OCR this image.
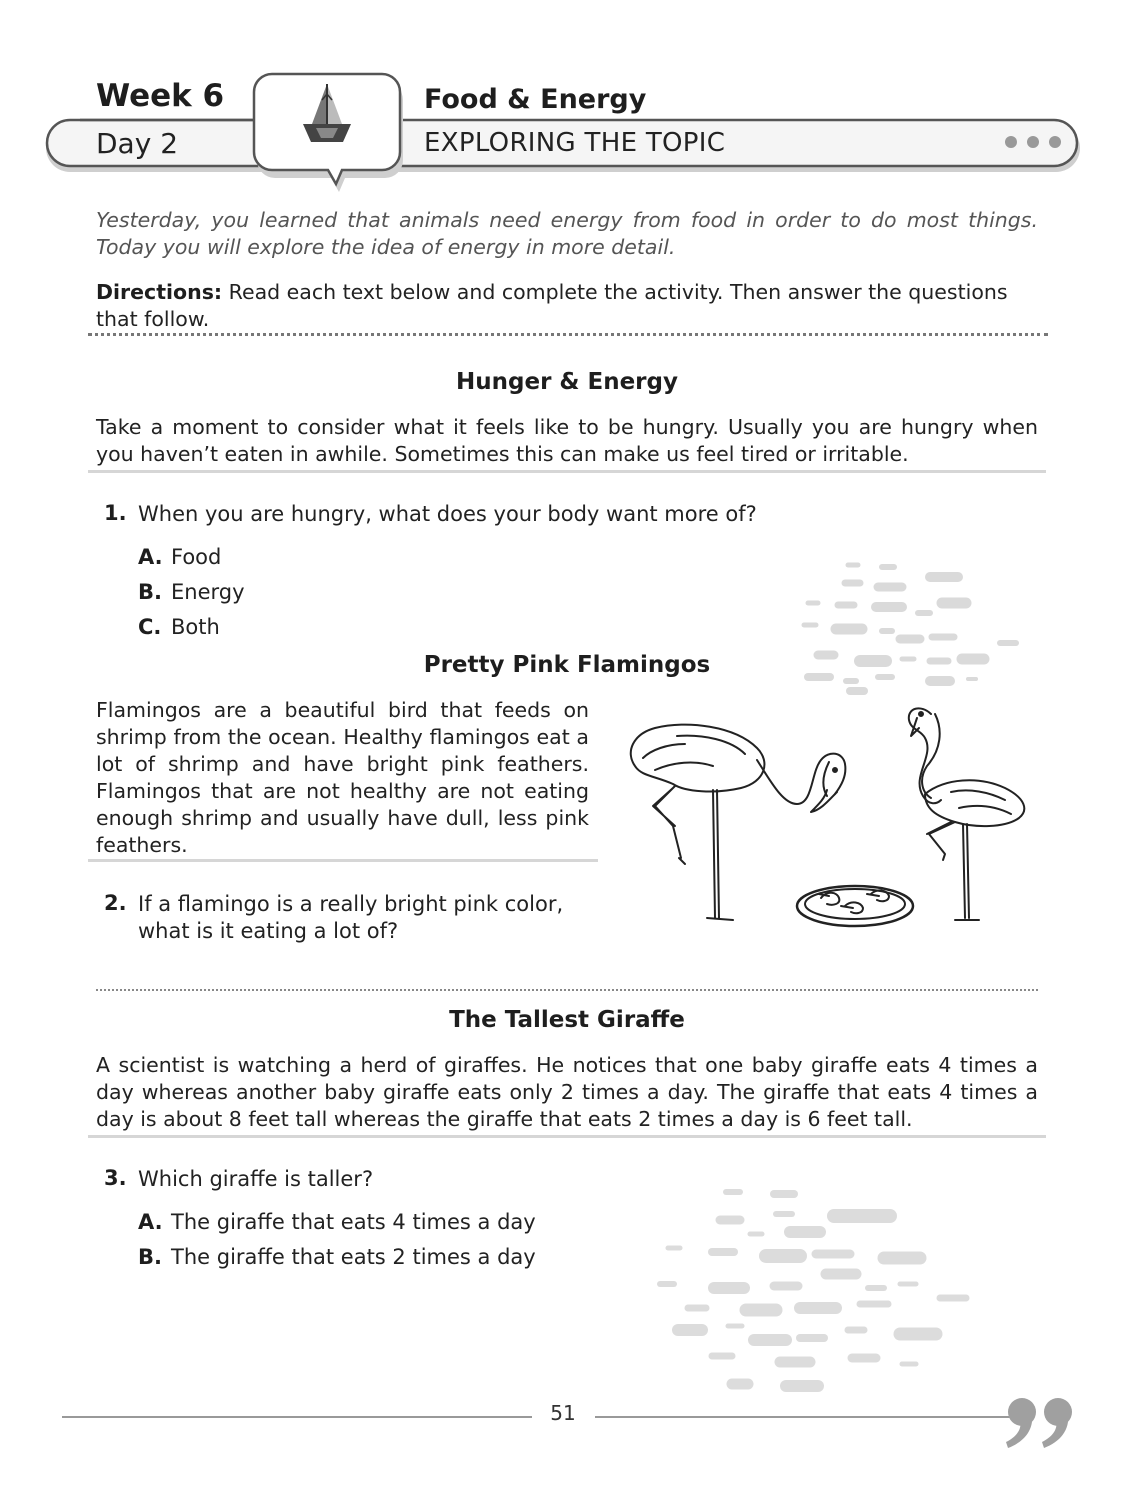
Week 6	Food & Energy
Day 2	EXPLORING THE TOPIC
Yesterday, you learned that animals need energy from food in order to do most things. Today you will explore the idea of energy in more detail.
Directions: Read each text below and complete the activity. Then answer the questions that follow.
Hunger & Energy
Take a moment to consider what it feels like to be hungry. Usually you are hungry when you haven’t eaten in awhile. Sometimes this can make us feel tired or irritable.
1. When you are hungry, what does your body want more of?
A. Food
B. Energy
C. Both
Pretty Pink Flamingos
Flamingos are a beautiful bird that feeds on shrimp from the ocean. Healthy flamingos eat a lot of shrimp and have bright pink feathers. Flamingos that are not healthy are not eating enough shrimp and usually have dull, less pink feathers.
2. If a flamingo is a really bright pink color, what is it eating a lot of?
The Tallest Giraffe
A scientist is watching a herd of giraffes. He notices that one baby giraffe eats 4 times a day whereas another baby giraffe eats only 2 times a day. The giraffe that eats 4 times a day is about 8 feet tall whereas the giraffe that eats 2 times a day is 6 feet tall.
3. Which giraffe is taller?
A. The giraffe that eats 4 times a day
B. The giraffe that eats 2 times a day
51
